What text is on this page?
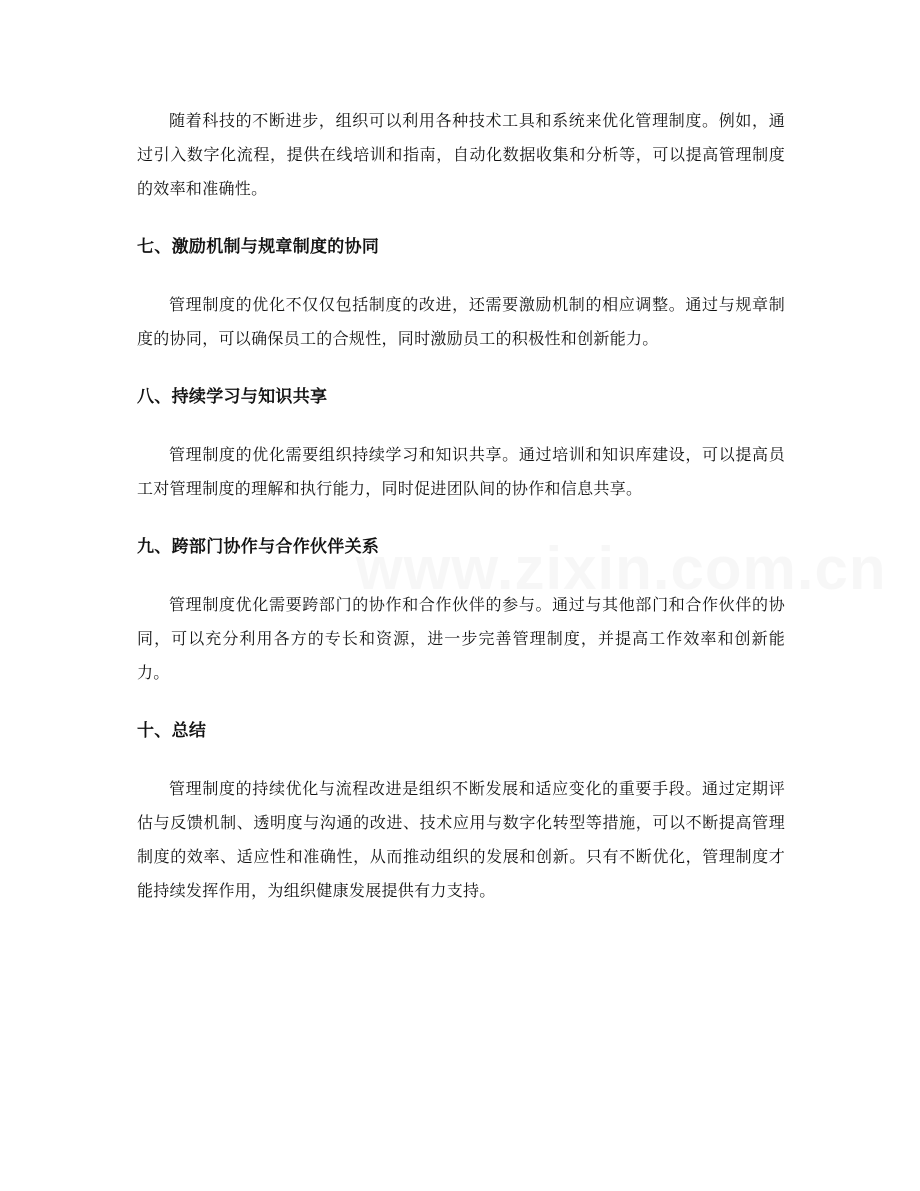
www.zixin.com.cn

随着科技的不断进步，组织可以利用各种技术工具和系统来优化管理制度。例如，通过引入数字化流程，提供在线培训和指南，自动化数据收集和分析等，可以提高管理制度的效率和准确性。

七、激励机制与规章制度的协同

管理制度的优化不仅仅包括制度的改进，还需要激励机制的相应调整。通过与规章制度的协同，可以确保员工的合规性，同时激励员工的积极性和创新能力。

八、持续学习与知识共享

管理制度的优化需要组织持续学习和知识共享。通过培训和知识库建设，可以提高员工对管理制度的理解和执行能力，同时促进团队间的协作和信息共享。

九、跨部门协作与合作伙伴关系

管理制度优化需要跨部门的协作和合作伙伴的参与。通过与其他部门和合作伙伴的协同，可以充分利用各方的专长和资源，进一步完善管理制度，并提高工作效率和创新能力。

十、总结

管理制度的持续优化与流程改进是组织不断发展和适应变化的重要手段。通过定期评估与反馈机制、透明度与沟通的改进、技术应用与数字化转型等措施，可以不断提高管理制度的效率、适应性和准确性，从而推动组织的发展和创新。只有不断优化，管理制度才能持续发挥作用，为组织健康发展提供有力支持。
